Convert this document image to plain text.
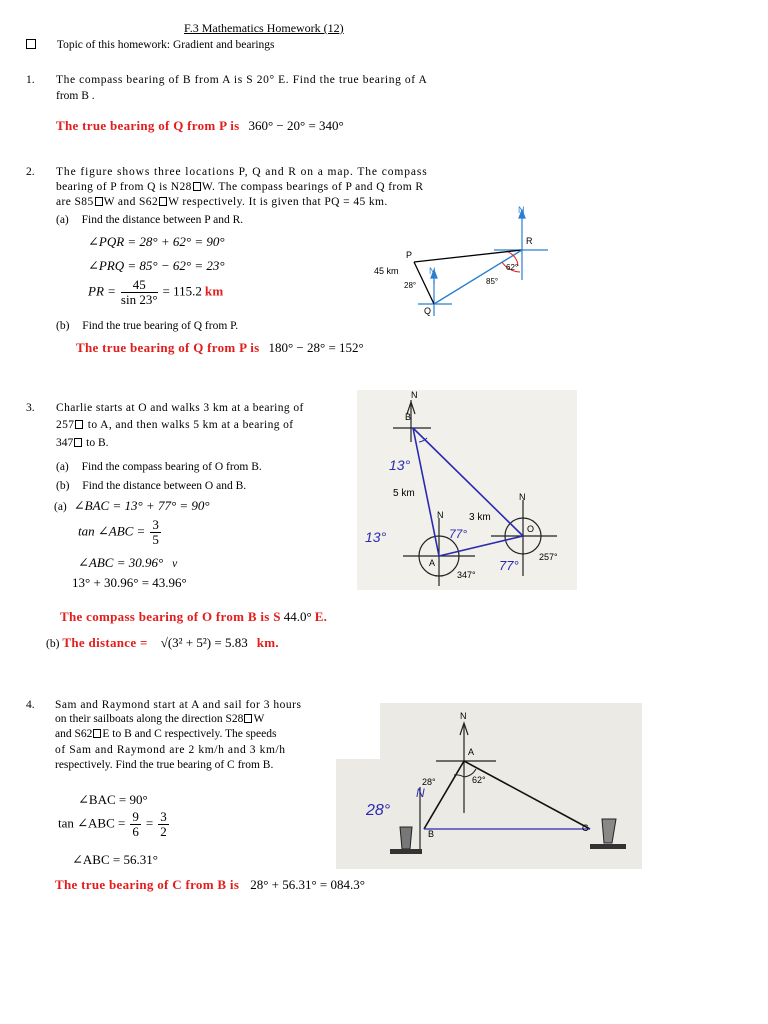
F.3 Mathematics Homework (12)
Topic of this homework: Gradient and bearings
1. The compass bearing of B from A is S 20° E. Find the true bearing of A
from B .
The true bearing of Q from P is 360° − 20° = 340°
2. The figure shows three locations P, Q and R on a map. The compass
bearing of P from Q is N28 W. The compass bearings of P and Q from R
are S85 W and S62 W respectively. It is given that PQ = 45 km.
(a) Find the distance between P and R.
∠PQR = 28° + 62° = 90°
∠PRQ = 85° − 62° = 23°
PR = $\frac{45}{\sin 23^\circ} = 115.2$ km
(b) Find the true bearing of Q from P.
The true bearing of Q from P is 180° − 28° = 152°
N
R
P
Q
N
45 km
28°	85°
62°
3. Charlie starts at O and walks 3 km at a bearing of
257 to A, and then walks 5 km at a bearing of
347 to B.
(a) Find the compass bearing of O from B.
(b) Find the distance between O and B.
(a) ∠BAC = 13° + 77° = 90°
tan ∠ABC = $\frac{3}{5}$
∠ABC = 30.96° v
13° + 30.96° = 43.96°
The compass bearing of O from B is S 44.0° E.
(b) The distance = √(3² + 5²) = 5.83 km.
N
B
13°
5 km	N
N	3 km
O
13°	77°
A
347°
77°
257°
4. Sam and Raymond start at A and sail for 3 hours
on their sailboats along the direction S28 W
and S62 E to B and C respectively. The speeds
of Sam and Raymond are 2 km/h and 3 km/h
respectively. Find the true bearing of C from B.
∠BAC = 90°
tan ∠ABC = $\frac{9}{6} = \frac{3}{2}$
∠ABC = 56.31°
The true bearing of C from B is 28° + 56.31° = 084.3°
N
A
28°	62°
28°
N
B
C
